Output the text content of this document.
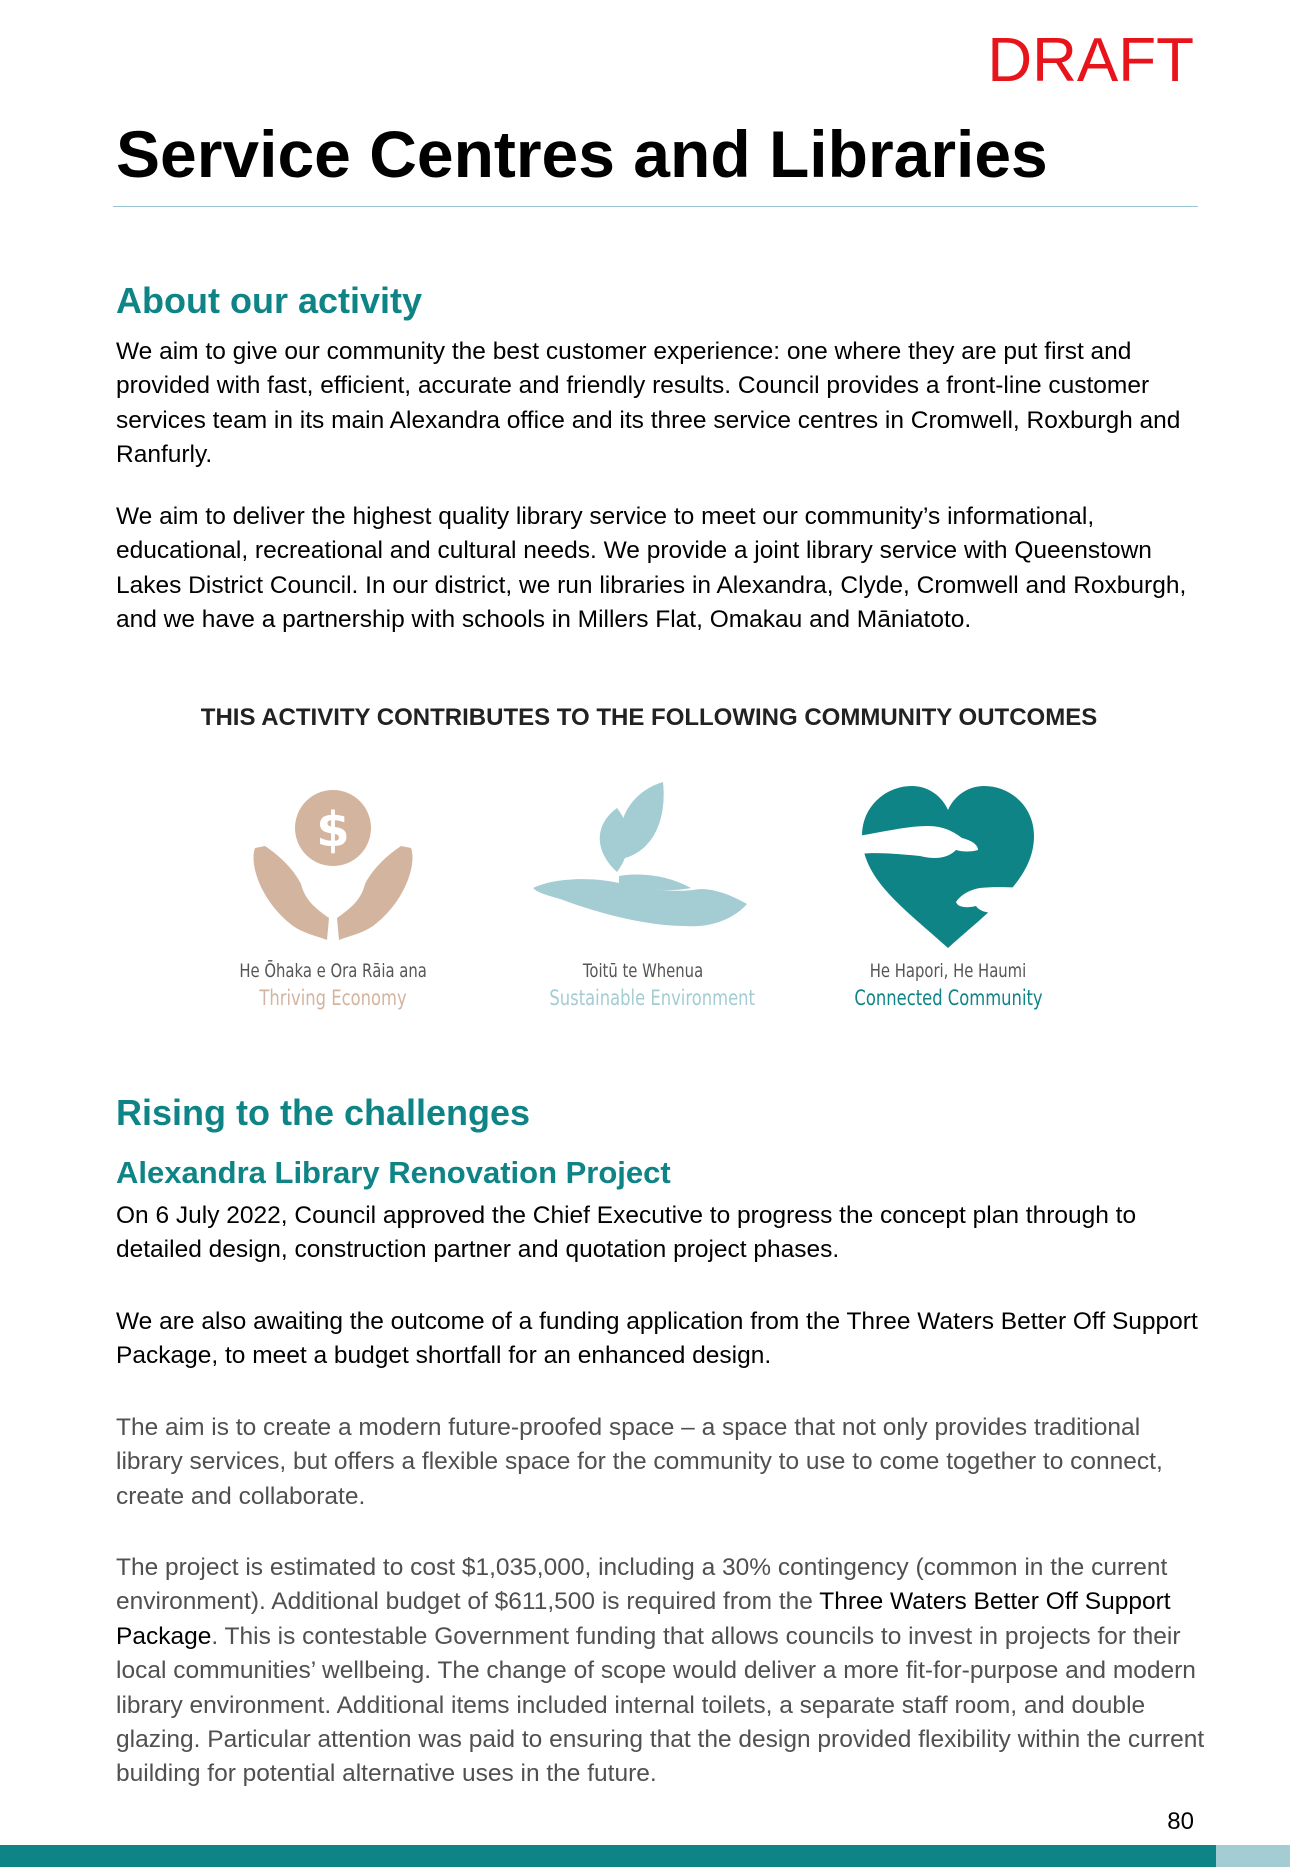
DRAFT
Service Centres and Libraries
About our activity

We aim to give our community the best customer experience: one where they are put first and provided with fast, efficient, accurate and friendly results. Council provides a front-line customer services team in its main Alexandra office and its three service centres in Cromwell, Roxburgh and Ranfurly.

We aim to deliver the highest quality library service to meet our community’s informational, educational, recreational and cultural needs. We provide a joint library service with Queenstown Lakes District Council. In our district, we run libraries in Alexandra, Clyde, Cromwell and Roxburgh, and we have a partnership with schools in Millers Flat, Omakau and Māniatoto.

THIS ACTIVITY CONTRIBUTES TO THE FOLLOWING COMMUNITY OUTCOMES

$
He Ōhaka e Ora Rāia ana
Thriving Economy
Toitū te Whenua
Sustainable Environment
He Hapori, He Haumi
Connected Community
Rising to the challenges
Alexandra Library Renovation Project

On 6 July 2022, Council approved the Chief Executive to progress the concept plan through to detailed design, construction partner and quotation project phases.

We are also awaiting the outcome of a funding application from the Three Waters Better Off Support Package, to meet a budget shortfall for an enhanced design.

The aim is to create a modern future-proofed space – a space that not only provides traditional library services, but offers a flexible space for the community to use to come together to connect, create and collaborate.

The project is estimated to cost $1,035,000, including a 30% contingency (common in the current environment). Additional budget of $611,500 is required from the Three Waters Better Off Support Package. This is contestable Government funding that allows councils to invest in projects for their local communities’ wellbeing. The change of scope would deliver a more fit-for-purpose and modern library environment. Additional items included internal toilets, a separate staff room, and double glazing. Particular attention was paid to ensuring that the design provided flexibility within the current building for potential alternative uses in the future.

80
